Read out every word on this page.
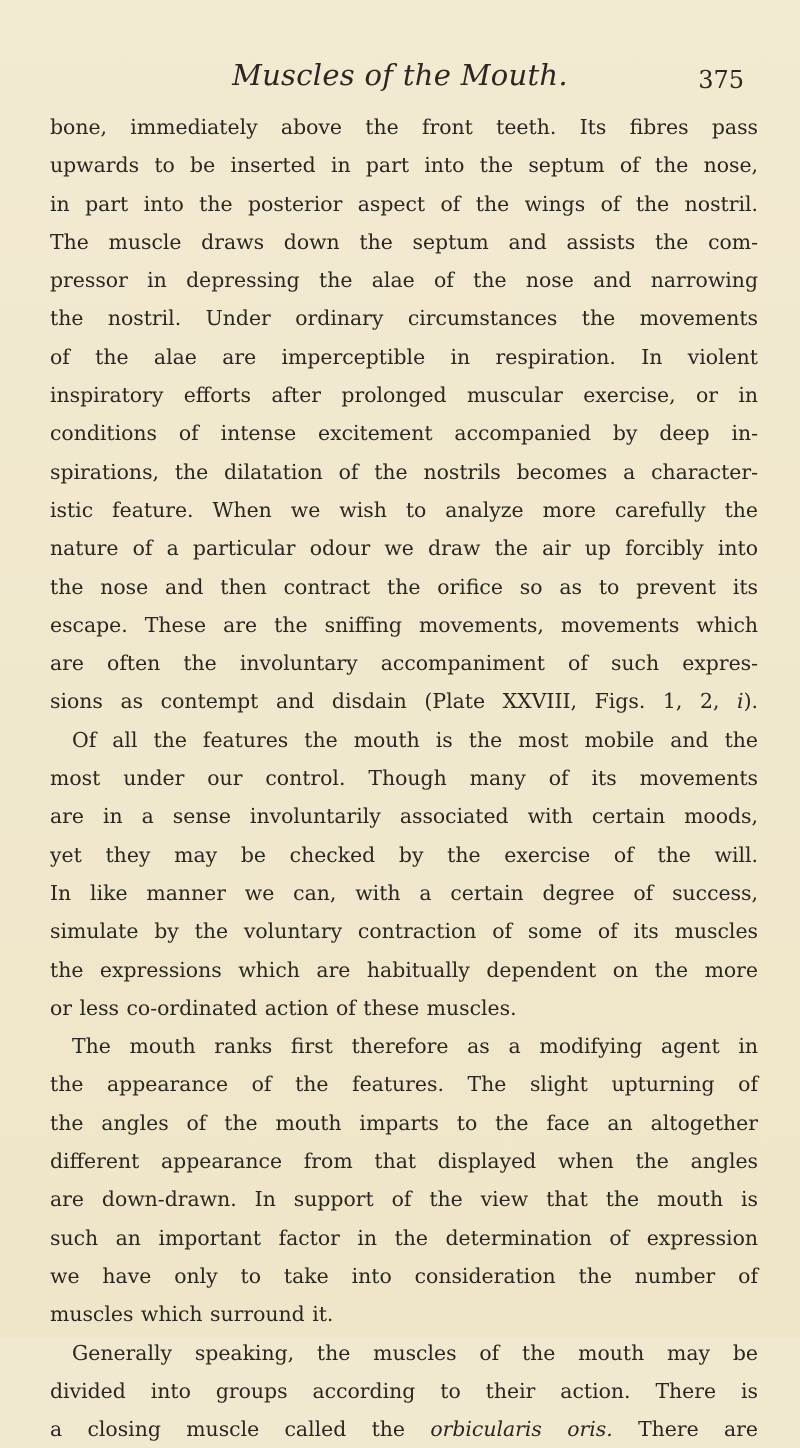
Muscles of the Mouth.	375
bone, immediately above the front teeth. Its fibres pass
upwards to be inserted in part into the septum of the nose,
in part into the posterior aspect of the wings of the nostril.
The muscle draws down the septum and assists the com-
pressor in depressing the alae of the nose and narrowing
the nostril. Under ordinary circumstances the movements
of the alae are imperceptible in respiration. In violent
inspiratory efforts after prolonged muscular exercise, or in
conditions of intense excitement accompanied by deep in-
spirations, the dilatation of the nostrils becomes a character-
istic feature. When we wish to analyze more carefully the
nature of a particular odour we draw the air up forcibly into
the nose and then contract the orifice so as to prevent its
escape. These are the sniffing movements, movements which
are often the involuntary accompaniment of such expres-
sions as contempt and disdain (Plate XXVIII, Figs. 1, 2, i).
Of all the features the mouth is the most mobile and the
most under our control. Though many of its movements
are in a sense involuntarily associated with certain moods,
yet they may be checked by the exercise of the will.
In like manner we can, with a certain degree of success,
simulate by the voluntary contraction of some of its muscles
the expressions which are habitually dependent on the more
or less co-ordinated action of these muscles.
The mouth ranks first therefore as a modifying agent in
the appearance of the features. The slight upturning of
the angles of the mouth imparts to the face an altogether
different appearance from that displayed when the angles
are down-drawn. In support of the view that the mouth is
such an important factor in the determination of expression
we have only to take into consideration the number of
muscles which surround it.
Generally speaking, the muscles of the mouth may be
divided into groups according to their action. There is
a closing muscle called the orbicularis oris. There are
